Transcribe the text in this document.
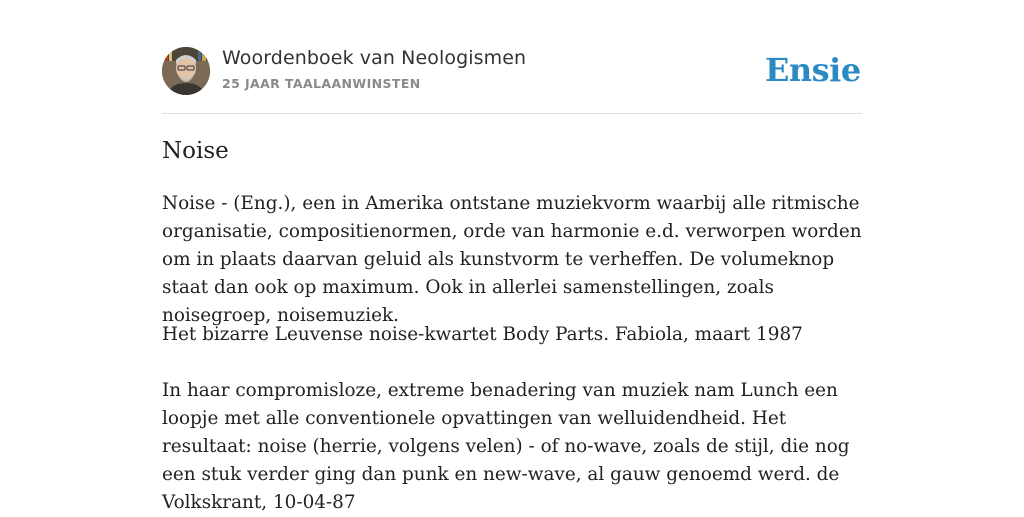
Woordenboek van Neologismen
25 JAAR TAALAANWINSTEN	Ensie
Noise

Noise - (Eng.), een in Amerika ontstane muziekvorm waarbij alle ritmische organisatie, compositienormen, orde van harmonie e.d. verworpen worden om in plaats daarvan geluid als kunstvorm te verheffen. De volumeknop staat dan ook op maximum. Ook in allerlei samenstellingen, zoals noisegroep, noisemuziek.

Het bizarre Leuvense noise-kwartet Body Parts. Fabiola, maart 1987

In haar compromisloze, extreme benadering van muziek nam Lunch een loopje met alle conventionele opvattingen van welluidendheid. Het resultaat: noise (herrie, volgens velen) - of no-wave, zoals de stijl, die nog een stuk verder ging dan punk en new-wave, al gauw genoemd werd. de Volkskrant, 10-04-87
